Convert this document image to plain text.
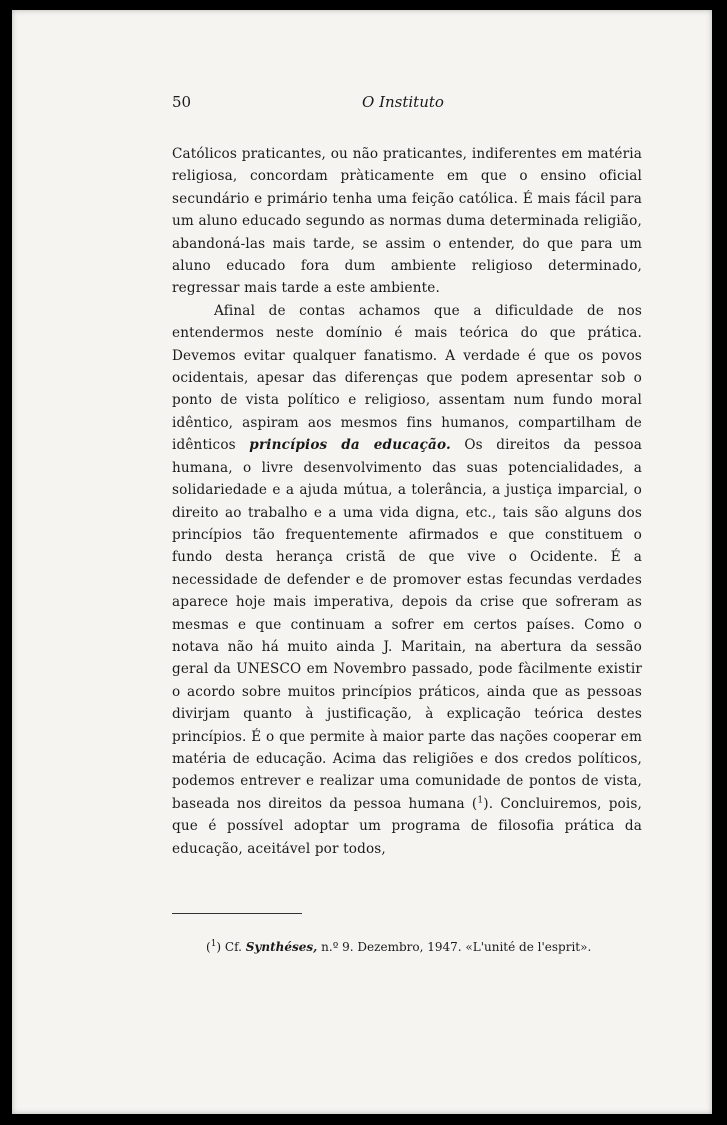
50	O Instituto

Católicos praticantes, ou não praticantes, indiferentes em matéria religiosa, concordam pràticamente em que o ensino oficial secundário e primário tenha uma feição católica. É mais fácil para um aluno educado segundo as normas duma determinada religião, abandoná-las mais tarde, se assim o entender, do que para um aluno educado fora dum ambiente religioso determinado, regressar mais tarde a este ambiente.

Afinal de contas achamos que a dificuldade de nos entendermos neste domínio é mais teórica do que prática. Devemos evitar qualquer fanatismo. A verdade é que os povos ocidentais, apesar das diferenças que podem apresentar sob o ponto de vista político e religioso, assentam num fundo moral idêntico, aspiram aos mesmos fins humanos, compartilham de idênticos princípios da educação. Os direitos da pessoa humana, o livre desenvolvimento das suas potencialidades, a solidariedade e a ajuda mútua, a tolerância, a justiça imparcial, o direito ao trabalho e a uma vida digna, etc., tais são alguns dos princípios tão frequentemente afirmados e que constituem o fundo desta herança cristã de que vive o Ocidente. É a necessidade de defender e de promover estas fecundas verdades aparece hoje mais imperativa, depois da crise que sofreram as mesmas e que continuam a sofrer em certos países. Como o notava não há muito ainda J. Maritain, na abertura da sessão geral da UNESCO em Novembro passado, pode fàcilmente existir o acordo sobre muitos princípios práticos, ainda que as pessoas divirjam quanto à justificação, à explicação teórica destes princípios. É o que permite à maior parte das nações cooperar em matéria de educação. Acima das religiões e dos credos políticos, podemos entrever e realizar uma comunidade de pontos de vista, baseada nos direitos da pessoa humana ($^1$). Concluiremos, pois, que é possível adoptar um programa de filosofia prática da educação, aceitável por todos,

($^1$) Cf. Synthéses, n.º 9. Dezembro, 1947. «L'unité de l'esprit».
